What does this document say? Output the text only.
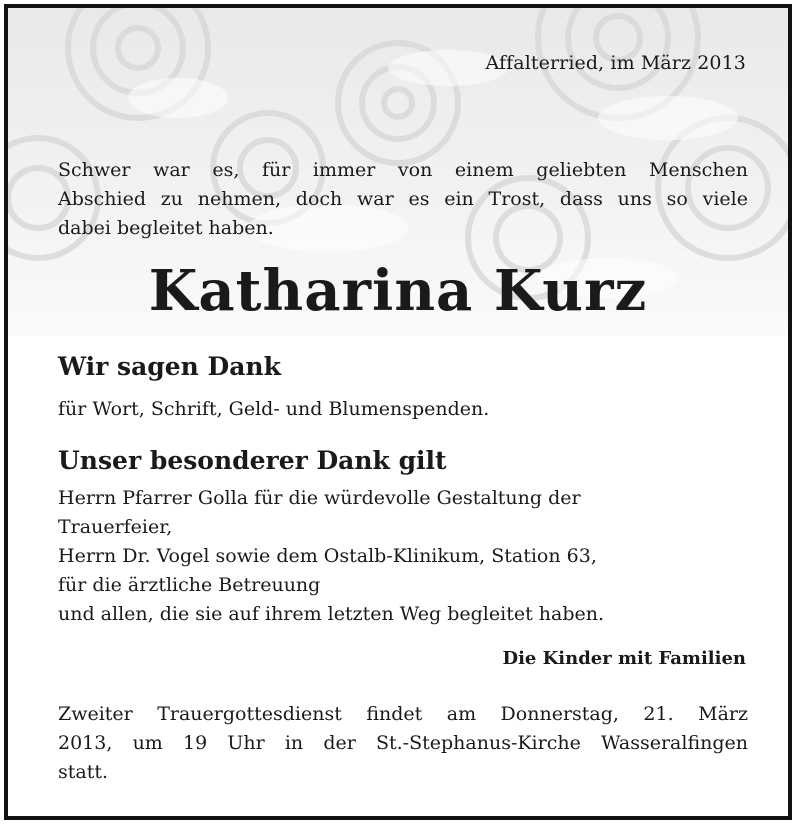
Affalterried, im März 2013
Schwer war es, für immer von einem geliebten Menschen
Abschied zu nehmen, doch war es ein Trost, dass uns so viele
dabei begleitet haben.
Katharina Kurz
Wir sagen Dank
für Wort, Schrift, Geld- und Blumenspenden.
Unser besonderer Dank gilt
Herrn Pfarrer Golla für die würdevolle Gestaltung der
Trauerfeier,
Herrn Dr. Vogel sowie dem Ostalb-Klinikum, Station 63,
für die ärztliche Betreuung
und allen, die sie auf ihrem letzten Weg begleitet haben.
Die Kinder mit Familien
Zweiter Trauergottesdienst findet am Donnerstag, 21. März
2013, um 19 Uhr in der St.-Stephanus-Kirche Wasseralfingen
statt.
